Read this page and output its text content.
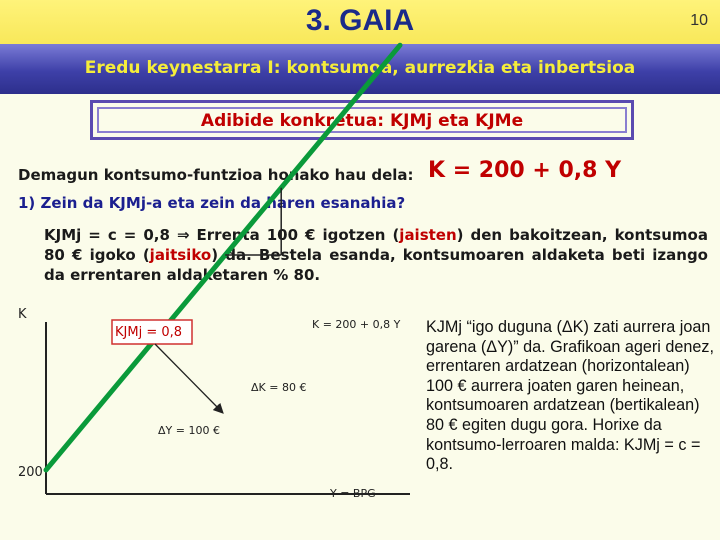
3. GAIA	10
Eredu keynestarra I: kontsumoa, aurrezkia eta inbertsioa
Adibide konkretua: KJMj eta KJMe
Demagun kontsumo-funtzioa honako hau dela: K = 200 + 0,8 Y
1) Zein da KJMj-a eta zein da haren esanahia?
KJMj = c = 0,8 ⇒ Errenta 100 € igotzen (jaisten) den bakoitzean, kontsumoa 80 € igoko (jaitsiko) da. Bestela esanda, kontsumoaren aldaketa beti izango da errentaren aldaketaren % 80.
K
200
Y = BPG
K = 200 + 0,8 Y
ΔK = 80 €
ΔY = 100 €
KJMj = 0,8	KJMj “igo duguna (ΔK) zati aurrera joan garena (ΔY)” da. Grafikoan ageri denez, errentaren ardatzean (horizontalean) 100 € aurrera joaten garen heinean, kontsumoaren ardatzean (bertikalean) 80 € egiten dugu gora. Horixe da kontsumo-lerroaren malda: KJMj = c = 0,8.
